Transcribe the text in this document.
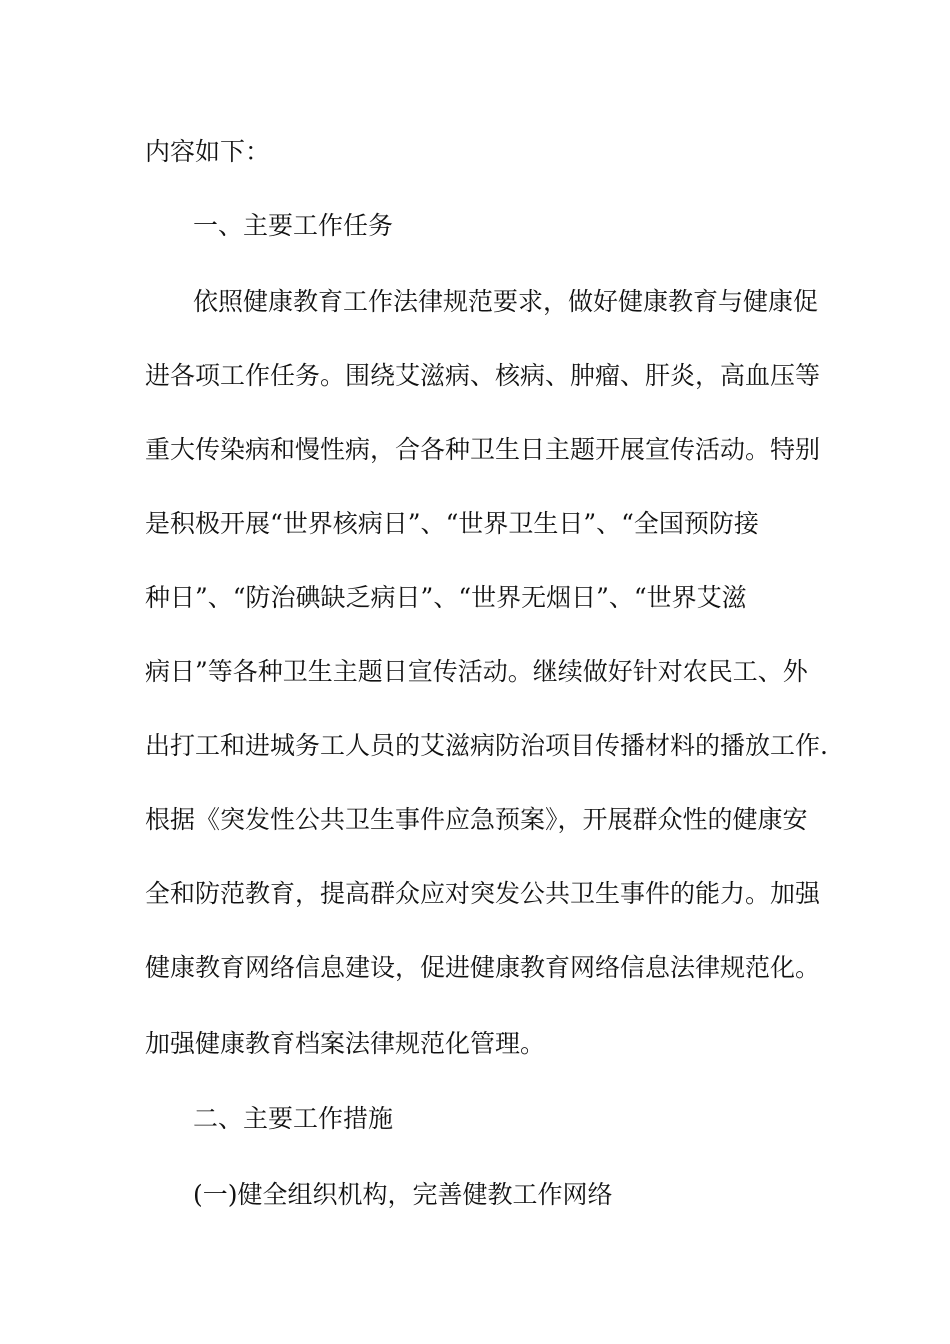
内容如下：
一、主要工作任务
依照健康教育工作法律规范要求，做好健康教育与健康促
进各项工作任务。围绕艾滋病、核病、肿瘤、肝炎，高血压等
重大传染病和慢性病，合各种卫生日主题开展宣传活动。特别
是积极开展“世界核病日”、“世界卫生日”、“全国预防接
种日”、“防治碘缺乏病日”、“世界无烟日”、“世界艾滋
病日”等各种卫生主题日宣传活动。继续做好针对农民工、外
出打工和进城务工人员的艾滋病防治项目传播材料的播放工作.
根据《突发性公共卫生事件应急预案》，开展群众性的健康安
全和防范教育，提高群众应对突发公共卫生事件的能力。加强
健康教育网络信息建设，促进健康教育网络信息法律规范化。
加强健康教育档案法律规范化管理。
二、主要工作措施
(一)健全组织机构，完善健教工作网络
